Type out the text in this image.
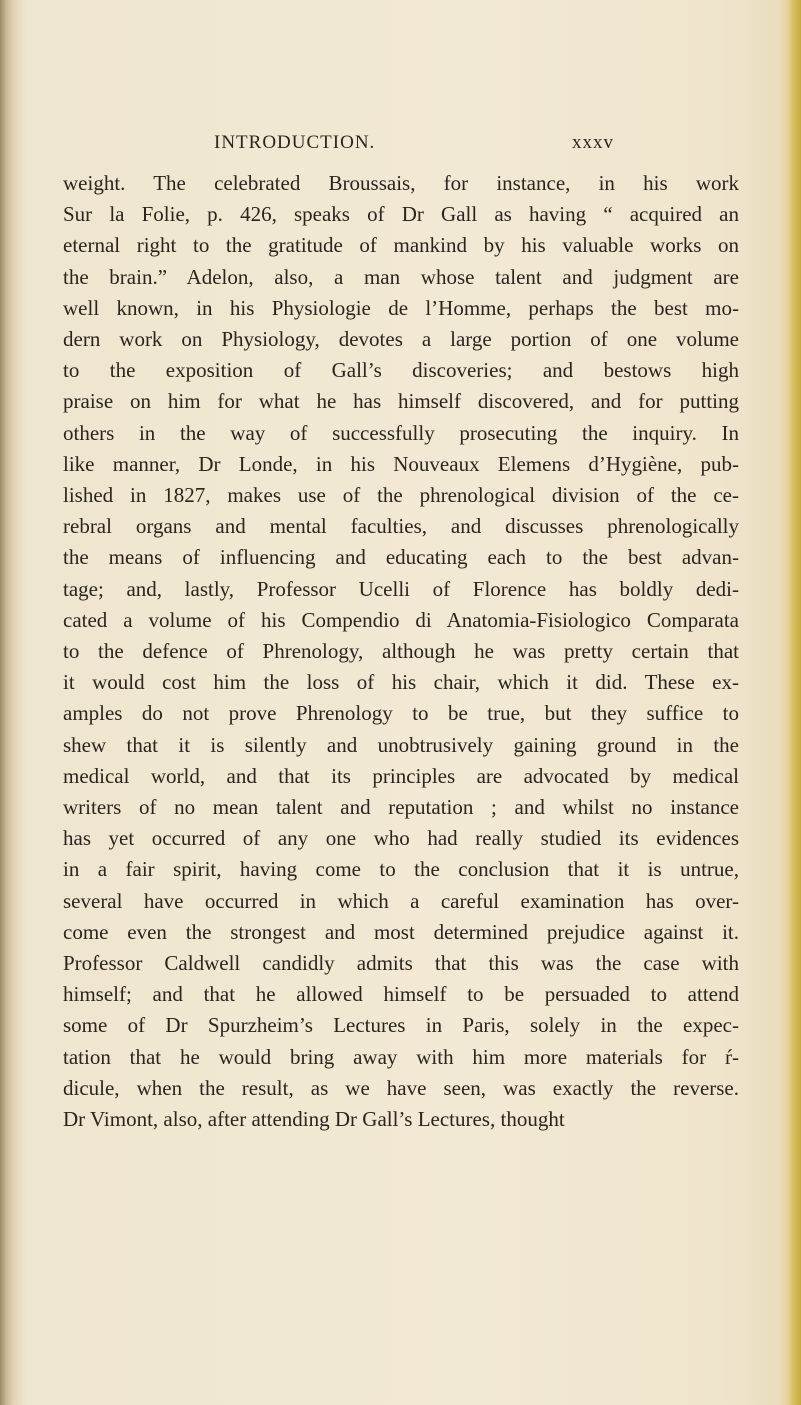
INTRODUCTION.	xxxv
weight. The celebrated Broussais, for instance, in his work
Sur la Folie, p. 426, speaks of Dr Gall as having “ acquired an
eternal right to the gratitude of mankind by his valuable works on
the brain.” Adelon, also, a man whose talent and judgment are
well known, in his Physiologie de l’Homme, perhaps the best mo-
dern work on Physiology, devotes a large portion of one volume
to the exposition of Gall’s discoveries; and bestows high
praise on him for what he has himself discovered, and for putting
others in the way of successfully prosecuting the inquiry. In
like manner, Dr Londe, in his Nouveaux Elemens d’Hygiène, pub-
lished in 1827, makes use of the phrenological division of the ce-
rebral organs and mental faculties, and discusses phrenologically
the means of influencing and educating each to the best advan-
tage; and, lastly, Professor Ucelli of Florence has boldly dedi-
cated a volume of his Compendio di Anatomia-Fisiologico Comparata
to the defence of Phrenology, although he was pretty certain that
it would cost him the loss of his chair, which it did. These ex-
amples do not prove Phrenology to be true, but they suffice to
shew that it is silently and unobtrusively gaining ground in the
medical world, and that its principles are advocated by medical
writers of no mean talent and reputation ; and whilst no instance
has yet occurred of any one who had really studied its evidences
in a fair spirit, having come to the conclusion that it is untrue,
several have occurred in which a careful examination has over-
come even the strongest and most determined prejudice against it.
Professor Caldwell candidly admits that this was the case with
himself; and that he allowed himself to be persuaded to attend
some of Dr Spurzheim’s Lectures in Paris, solely in the expec-
tation that he would bring away with him more materials for ŕ-
dicule, when the result, as we have seen, was exactly the reverse.
Dr Vimont, also, after attending Dr Gall’s Lectures, thought
